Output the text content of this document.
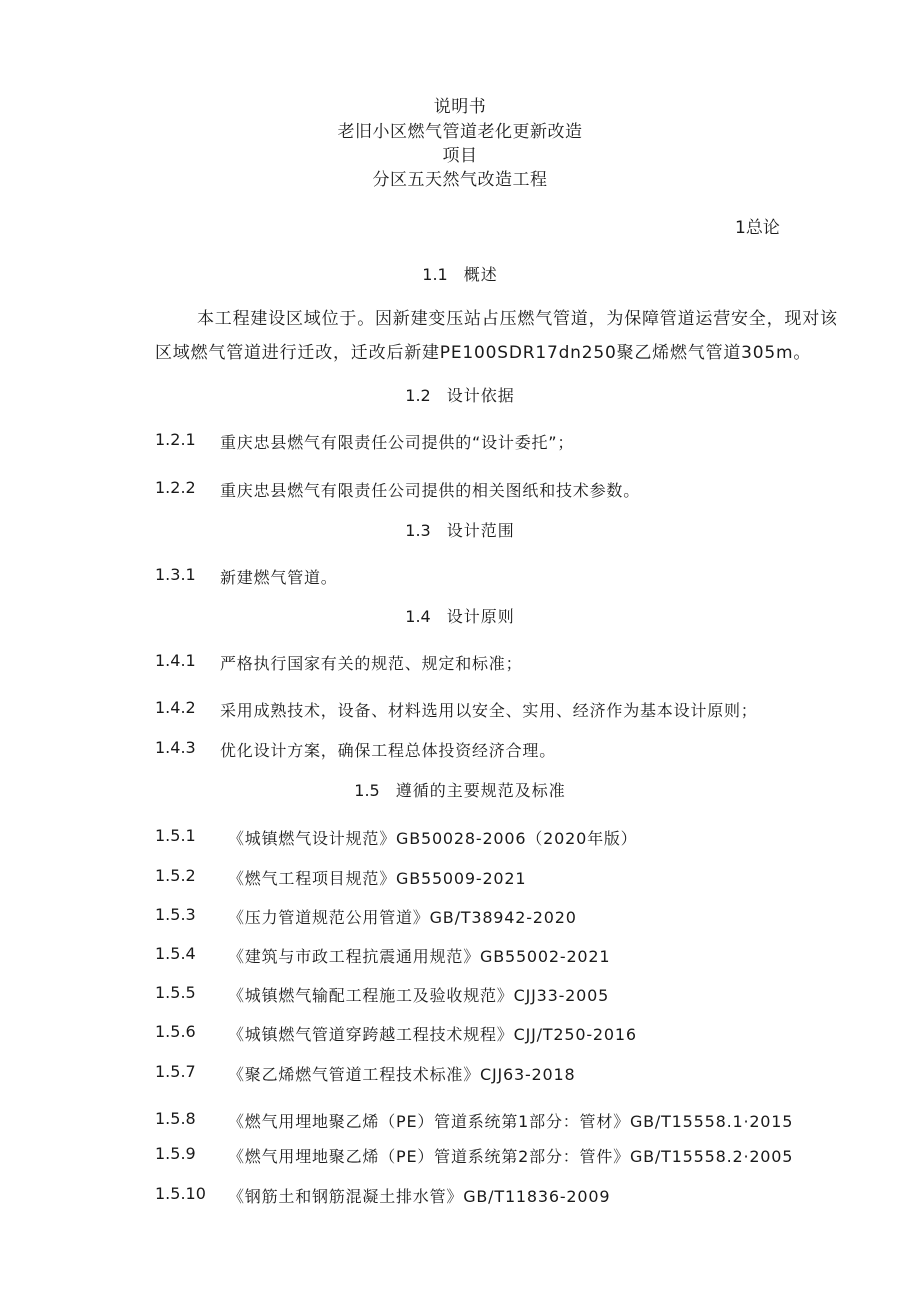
说明书
老旧小区燃气管道老化更新改造
项目
分区五天然气改造工程
1总论
1.1 概述
本工程建设区域位于。因新建变压站占压燃气管道，为保障管道运营安全，现对该
区域燃气管道进行迁改，迁改后新建PE100SDR17dn250聚乙烯燃气管道305m。
1.2 设计依据
1.2.1 重庆忠县燃气有限责任公司提供的“设计委托”；
1.2.2 重庆忠县燃气有限责任公司提供的相关图纸和技术参数。
1.3 设计范围
1.3.1 新建燃气管道。
1.4 设计原则
1.4.1 严格执行国家有关的规范、规定和标准；
1.4.2 采用成熟技术，设备、材料选用以安全、实用、经济作为基本设计原则；
1.4.3 优化设计方案，确保工程总体投资经济合理。
1.5 遵循的主要规范及标准
1.5.1 《城镇燃气设计规范》GB50028-2006（2020年版）
1.5.2 《燃气工程项目规范》GB55009-2021
1.5.3 《压力管道规范公用管道》GB/T38942-2020
1.5.4 《建筑与市政工程抗震通用规范》GB55002-2021
1.5.5 《城镇燃气输配工程施工及验收规范》CJJ33-2005
1.5.6 《城镇燃气管道穿跨越工程技术规程》CJJ/T250-2016
1.5.7 《聚乙烯燃气管道工程技术标准》CJJ63-2018
1.5.8 《燃气用埋地聚乙烯（PE）管道系统第1部分：管材》GB/T15558.1·2015
1.5.9 《燃气用埋地聚乙烯（PE）管道系统第2部分：管件》GB/T15558.2·2005
1.5.10 《钢筋土和钢筋混凝土排水管》GB/T11836-2009
